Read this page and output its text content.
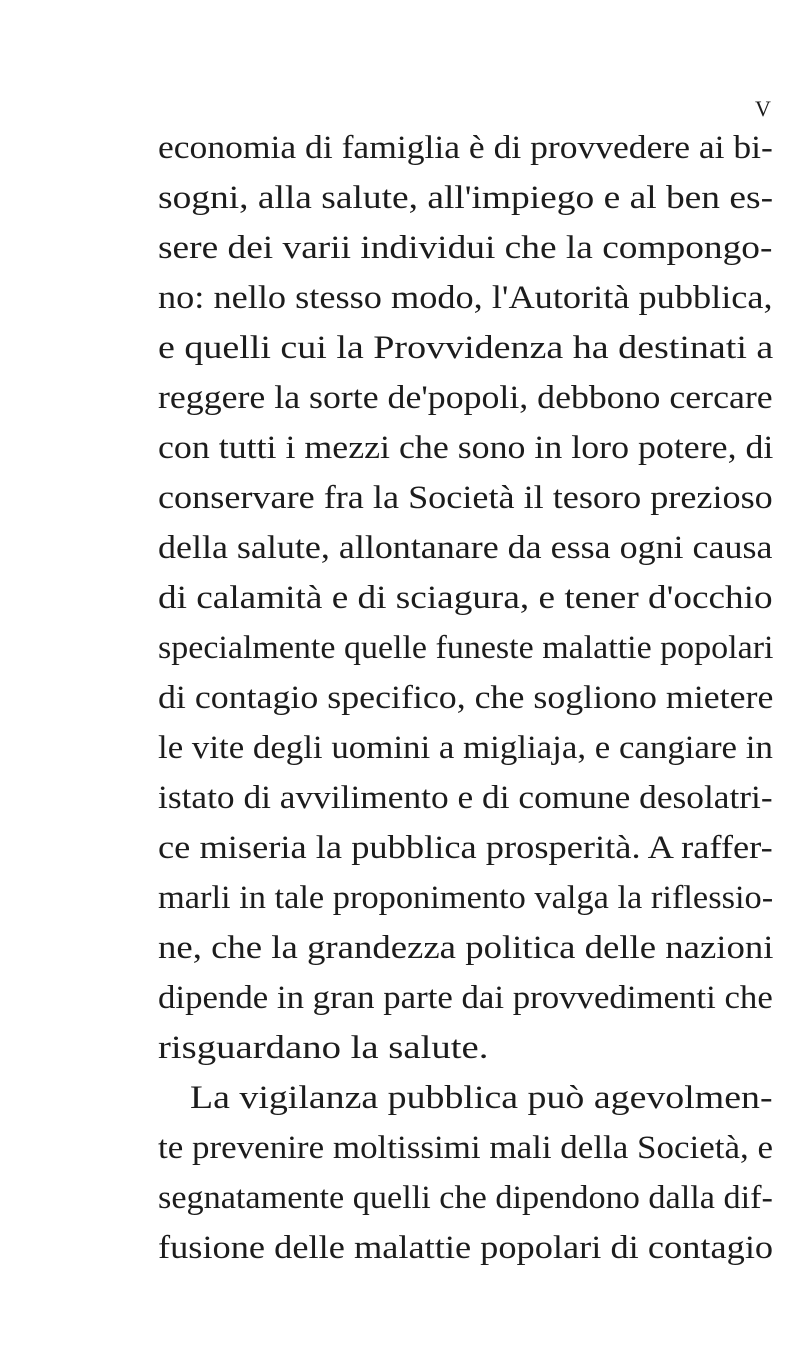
V
economia di famiglia è di provvedere ai bi-
sogni, alla salute, all'impiego e al ben es-
sere dei varii individui che la compongo-
no: nello stesso modo, l'Autorità pubblica,
e quelli cui la Provvidenza ha destinati a
reggere la sorte de'popoli, debbono cercare
con tutti i mezzi che sono in loro potere, di
conservare fra la Società il tesoro prezioso
della salute, allontanare da essa ogni causa
di calamità e di sciagura, e tener d'occhio
specialmente quelle funeste malattie popolari
di contagio specifico, che sogliono mietere
le vite degli uomini a migliaja, e cangiare in
istato di avvilimento e di comune desolatri-
ce miseria la pubblica prosperità. A raffer-
marli in tale proponimento valga la riflessio-
ne, che la grandezza politica delle nazioni
dipende in gran parte dai provvedimenti che
risguardano la salute.
La vigilanza pubblica può agevolmen-
te prevenire moltissimi mali della Società, e
segnatamente quelli che dipendono dalla dif-
fusione delle malattie popolari di contagio
